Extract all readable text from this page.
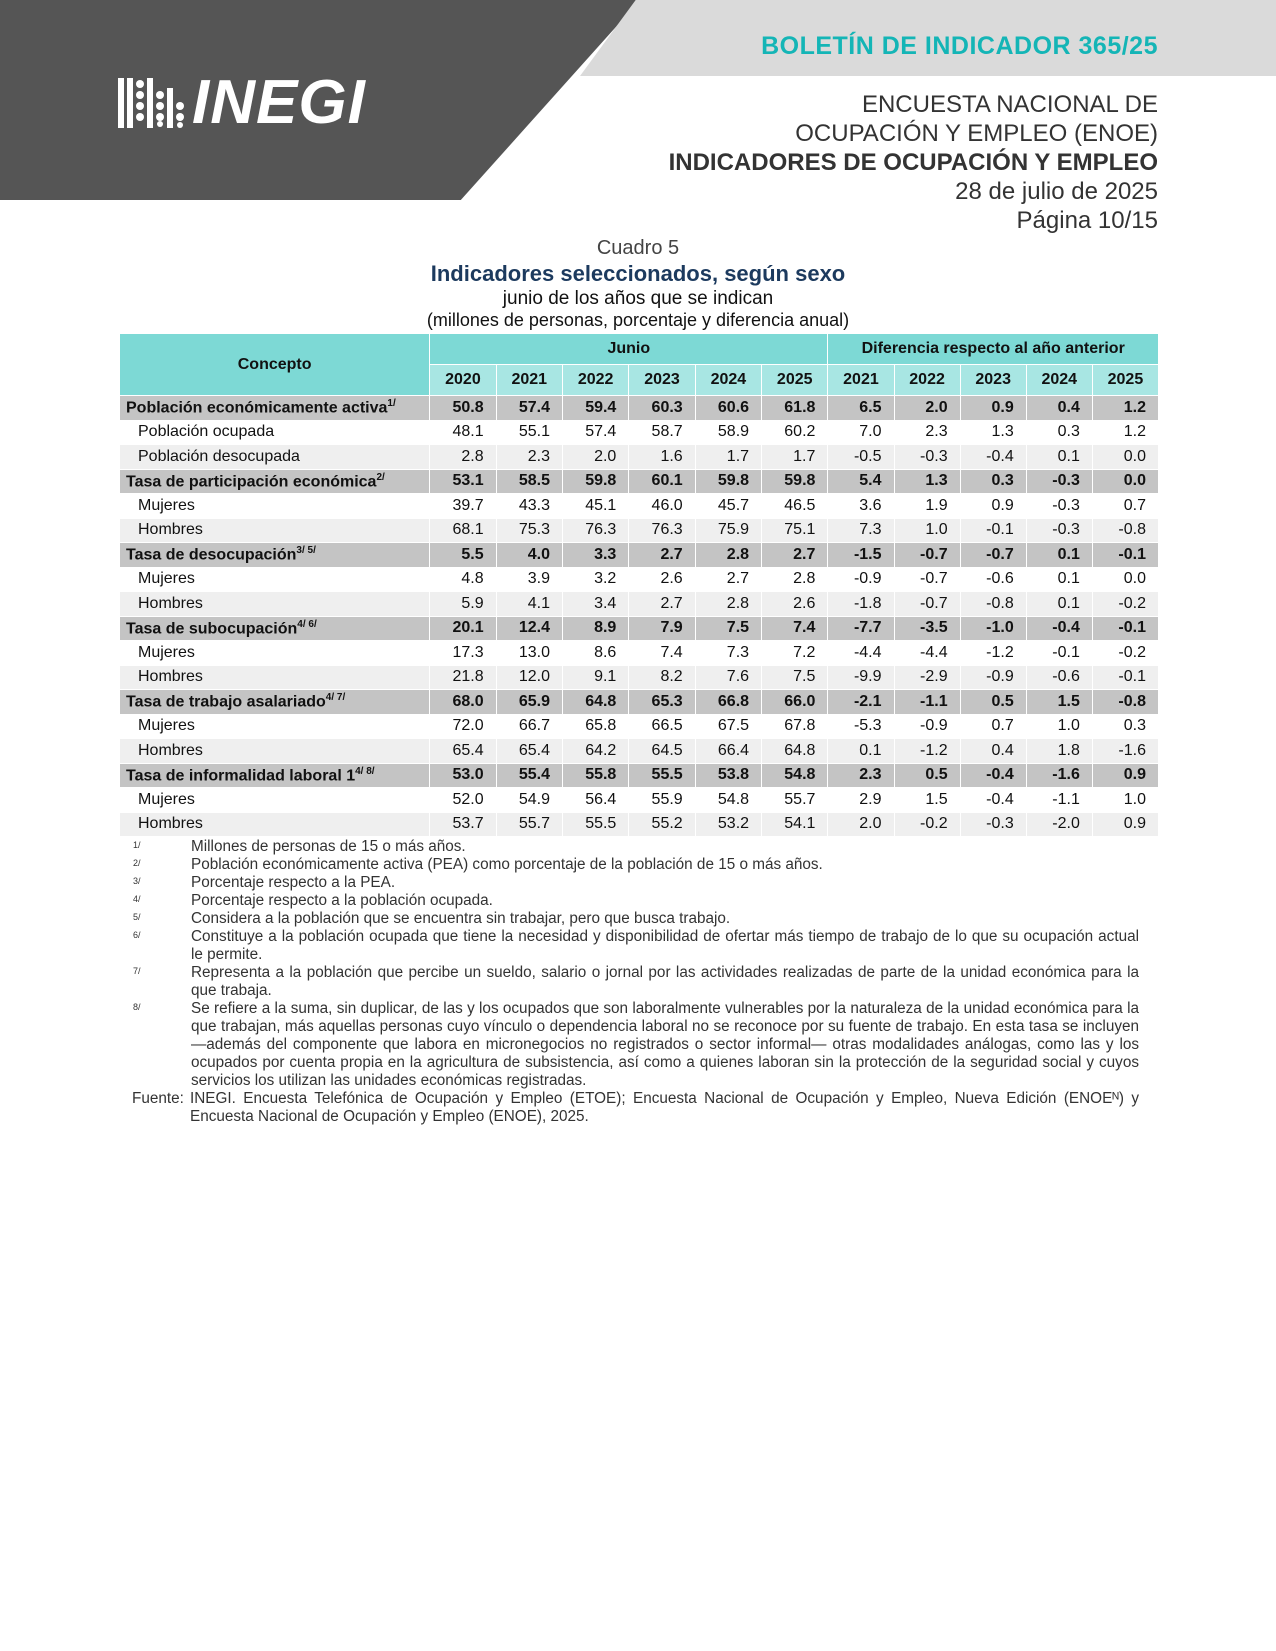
BOLETÍN DE INDICADOR 365/25
INEGI	ENCUESTA NACIONAL DE
OCUPACIÓN Y EMPLEO (ENOE)
INDICADORES DE OCUPACIÓN Y EMPLEO
28 de julio de 2025
Página 10/15
Cuadro 5
Indicadores seleccionados, según sexo
junio de los años que se indican
(millones de personas, porcentaje y diferencia anual)
Concepto	Junio						Diferencia respecto al año anterior				
	2020	2021	2022	2023	2024	2025	2021	2022	2023	2024	2025
Población económicamente activa$^{1/}$	50.8	57.4	59.4	60.3	60.6	61.8	6.5	2.0	0.9	0.4	1.2
Población ocupada	48.1	55.1	57.4	58.7	58.9	60.2	7.0	2.3	1.3	0.3	1.2
Población desocupada	2.8	2.3	2.0	1.6	1.7	1.7	-0.5	-0.3	-0.4	0.1	0.0
Tasa de participación económica$^{2/}$	53.1	58.5	59.8	60.1	59.8	59.8	5.4	1.3	0.3	-0.3	0.0
Mujeres	39.7	43.3	45.1	46.0	45.7	46.5	3.6	1.9	0.9	-0.3	0.7
Hombres	68.1	75.3	76.3	76.3	75.9	75.1	7.3	1.0	-0.1	-0.3	-0.8
Tasa de desocupación$^{3/ 5/}$	5.5	4.0	3.3	2.7	2.8	2.7	-1.5	-0.7	-0.7	0.1	-0.1
Mujeres	4.8	3.9	3.2	2.6	2.7	2.8	-0.9	-0.7	-0.6	0.1	0.0
Hombres	5.9	4.1	3.4	2.7	2.8	2.6	-1.8	-0.7	-0.8	0.1	-0.2
Tasa de subocupación$^{4/ 6/}$	20.1	12.4	8.9	7.9	7.5	7.4	-7.7	-3.5	-1.0	-0.4	-0.1
Mujeres	17.3	13.0	8.6	7.4	7.3	7.2	-4.4	-4.4	-1.2	-0.1	-0.2
Hombres	21.8	12.0	9.1	8.2	7.6	7.5	-9.9	-2.9	-0.9	-0.6	-0.1
Tasa de trabajo asalariado$^{4/ 7/}$	68.0	65.9	64.8	65.3	66.8	66.0	-2.1	-1.1	0.5	1.5	-0.8
Mujeres	72.0	66.7	65.8	66.5	67.5	67.8	-5.3	-0.9	0.7	1.0	0.3
Hombres	65.4	65.4	64.2	64.5	66.4	64.8	0.1	-1.2	0.4	1.8	-1.6
Tasa de informalidad laboral $1^{4/ 8/}$	53.0	55.4	55.8	55.5	53.8	54.8	2.3	0.5	-0.4	-1.6	0.9
Mujeres	52.0	54.9	56.4	55.9	54.8	55.7	2.9	1.5	-0.4	-1.1	1.0
Hombres	53.7	55.7	55.5	55.2	53.2	54.1	2.0	-0.2	-0.3	-2.0	0.9
1/	Millones de personas de 15 o más años.
2/	Población económicamente activa (PEA) como porcentaje de la población de 15 o más años.
3/	Porcentaje respecto a la PEA.
4/	Porcentaje respecto a la población ocupada.
5/	Considera a la población que se encuentra sin trabajar, pero que busca trabajo.
6/	Constituye a la población ocupada que tiene la necesidad y disponibilidad de ofertar más tiempo de trabajo de lo que su ocupación actual le permite.
7/	Representa a la población que percibe un sueldo, salario o jornal por las actividades realizadas de parte de la unidad económica para la que trabaja.
8/	Se refiere a la suma, sin duplicar, de las y los ocupados que son laboralmente vulnerables por la naturaleza de la unidad económica para la que trabajan, más aquellas personas cuyo vínculo o dependencia laboral no se reconoce por su fuente de trabajo. En esta tasa se incluyen —además del componente que labora en micronegocios no registrados o sector informal— otras modalidades análogas, como las y los ocupados por cuenta propia en la agricultura de subsistencia, así como a quienes laboran sin la protección de la seguridad social y cuyos servicios los utilizan las unidades económicas registradas.
Fuente: INEGI. Encuesta Telefónica de Ocupación y Empleo (ETOE); Encuesta Nacional de Ocupación y Empleo, Nueva Edición (ENOEᴺ) y Encuesta Nacional de Ocupación y Empleo (ENOE), 2025.
